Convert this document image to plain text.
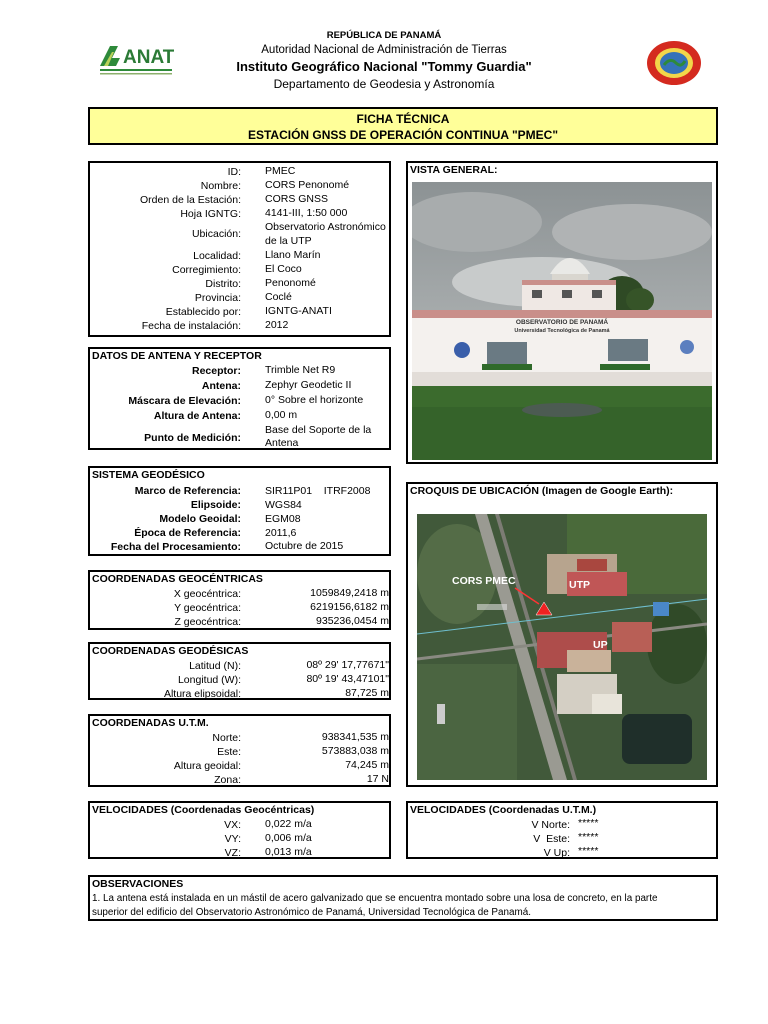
ANATI
REPÚBLICA DE PANAMÁ
Autoridad Nacional de Administración de Tierras
Instituto Geográfico Nacional "Tommy Guardia"
Departamento de Geodesia y Astronomía
FICHA TÉCNICA
ESTACIÓN GNSS DE OPERACIÓN CONTINUA "PMEC"
ID: PMEC
Nombre: CORS Penonomé
Orden de la Estación: CORS GNSS
Hoja IGNTG: 4141-III, 1:50 000
Ubicación:
Observatorio Astronómico
de la UTP
Localidad: Llano Marín
Corregimiento: El Coco
Distrito: Penonomé
Provincia: Coclé
Establecido por: IGNTG-ANATI
Fecha de instalación: 2012
DATOS DE ANTENA Y RECEPTOR
Receptor: Trimble Net R9
Antena: Zephyr Geodetic II
Máscara de Elevación: 0° Sobre el horizonte
Altura de Antena: 0,00 m
Punto de Medición:
Base del Soporte de la
Antena
SISTEMA GEODÉSICO
Marco de Referencia: SIR11P01    ITRF2008
Elipsoide: WGS84
Modelo Geoidal: EGM08
Época de Referencia: 2011,6
Fecha del Procesamiento: Octubre de 2015
COORDENADAS GEOCÉNTRICAS
X geocéntrica:	1059849,2418 m
Y geocéntrica:	6219156,6182 m
Z geocéntrica:	935236,0454 m
COORDENADAS GEODÉSICAS
Latitud (N):	08º 29' 17,77671"
Longitud (W):	80º 19' 43,47101"
Altura elipsoidal:	87,725 m
COORDENADAS U.T.M.
Norte:	938341,535 m
Este:	573883,038 m
Altura geoidal:	74,245 m
Zona:	17 N
VELOCIDADES (Coordenadas Geocéntricas)
VX: 0,022 m/a
VY: 0,006 m/a
VZ: 0,013 m/a
VELOCIDADES (Coordenadas U.T.M.)
V Norte: *****
V  Este: *****
V Up: *****
VISTA GENERAL:
OBSERVATORIO DE PANAMÁ
Universidad Tecnológica de Panamá
CROQUIS DE UBICACIÓN (Imagen de Google Earth):
CORS PMEC	UTP
UP
OBSERVACIONES
1. La antena está instalada en un mástil de acero galvanizado que se encuentra montado sobre una losa de concreto, en la parte
superior del edificio del Observatorio Astronómico de Panamá, Universidad Tecnológica de Panamá.
